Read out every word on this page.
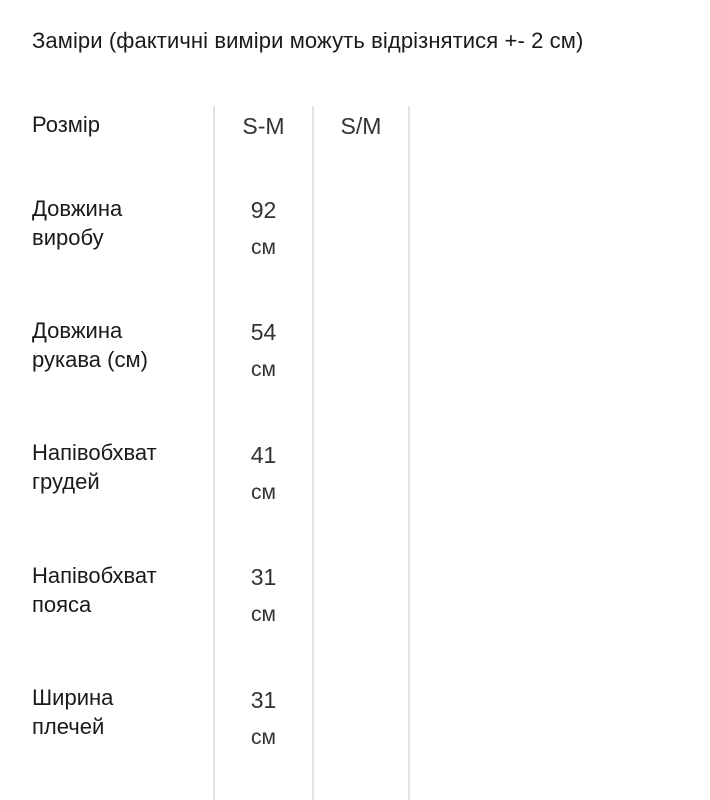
Заміри (фактичні виміри можуть відрізнятися +- 2 см)
Розмір	S-M	S/M
Довжина
виробу
92
см
Довжина
рукава (см)
54
см
Напівобхват
грудей
41
см
Напівобхват
пояса
31
см
Ширина
плечей
31
см
